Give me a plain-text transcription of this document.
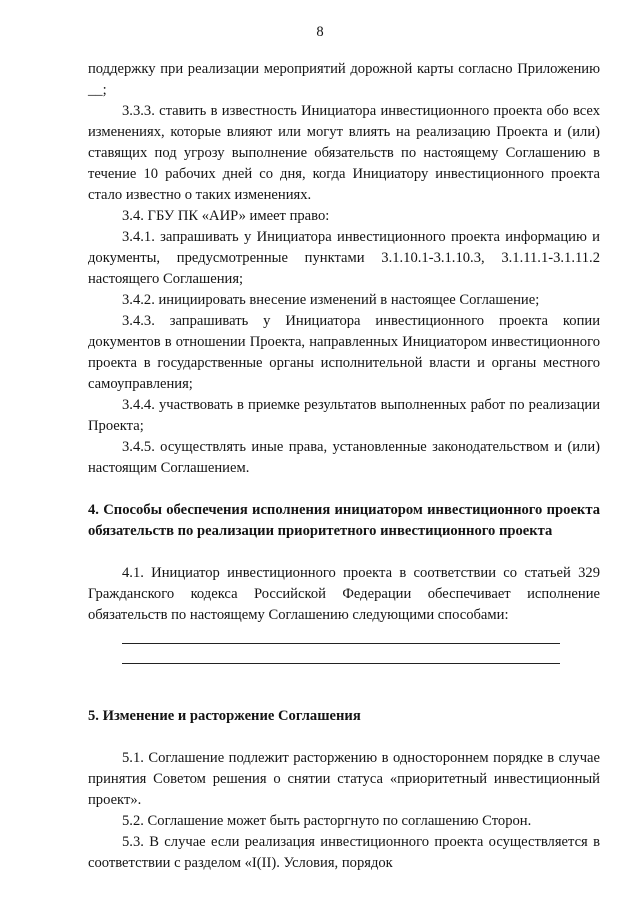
8

поддержку при реализации мероприятий дорожной карты согласно Приложению __;

3.3.3. ставить в известность Инициатора инвестиционного проекта обо всех изменениях, которые влияют или могут влиять на реализацию Проекта и (или) ставящих под угрозу выполнение обязательств по настоящему Соглашению в течение 10 рабочих дней со дня, когда Инициатору инвестиционного проекта стало известно о таких изменениях.

3.4. ГБУ ПК «АИР» имеет право:

3.4.1. запрашивать у Инициатора инвестиционного проекта информацию и документы, предусмотренные пунктами 3.1.10.1-3.1.10.3, 3.1.11.1-3.1.11.2 настоящего Соглашения;

3.4.2. инициировать внесение изменений в настоящее Соглашение;

3.4.3. запрашивать у Инициатора инвестиционного проекта копии документов в отношении Проекта, направленных Инициатором инвестиционного проекта в государственные органы исполнительной власти и органы местного самоуправления;

3.4.4. участвовать в приемке результатов выполненных работ по реализации Проекта;

3.4.5. осуществлять иные права, установленные законодательством и (или) настоящим Соглашением.

4. Способы обеспечения исполнения инициатором инвестиционного проекта обязательств по реализации приоритетного инвестиционного проекта

4.1. Инициатор инвестиционного проекта в соответствии со статьей 329 Гражданского кодекса Российской Федерации обеспечивает исполнение обязательств по настоящему Соглашению следующими способами:

5. Изменение и расторжение Соглашения

5.1. Соглашение подлежит расторжению в одностороннем порядке в случае принятия Советом решения о снятии статуса «приоритетный инвестиционный проект».

5.2. Соглашение может быть расторгнуто по соглашению Сторон.

5.3. В случае если реализация инвестиционного проекта осуществляется в соответствии с разделом «I(II). Условия, порядок
